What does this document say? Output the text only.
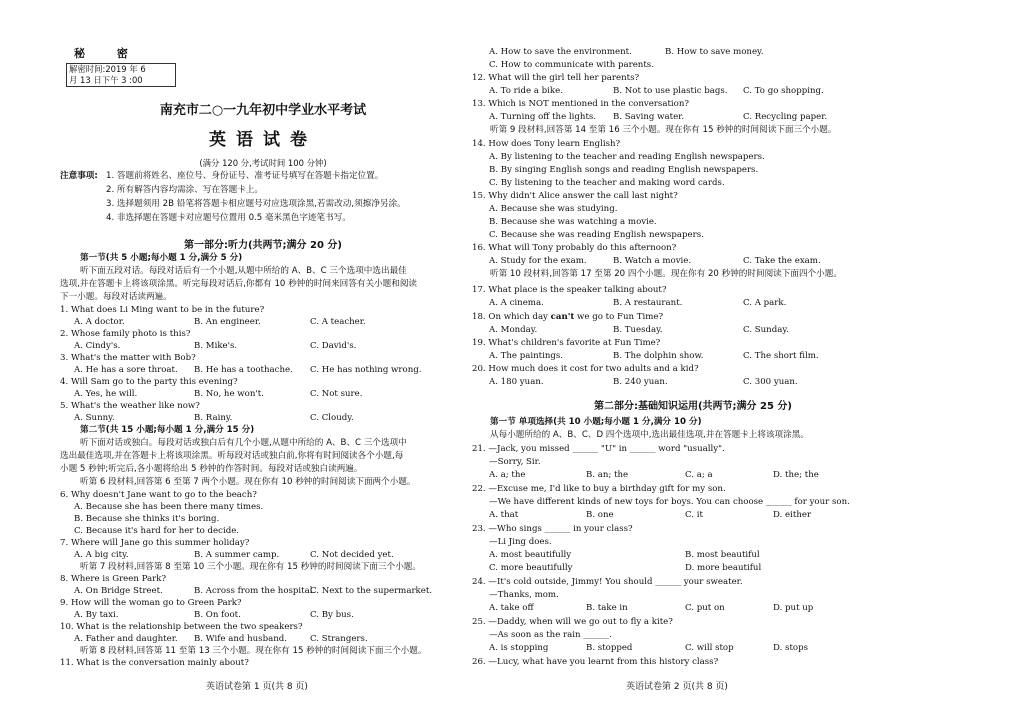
秘 密
解密时间:2019 年 6
月 13 日下午 3 :00
南充市二○一九年初中学业水平考试
英语试卷
(满分 120 分,考试时间 100 分钟)
注意事项: 1. 答题前将姓名、座位号、身份证号、准考证号填写在答题卡指定位置。
2. 所有解答内容均需涂、写在答题卡上。
3. 选择题须用 2B 铅笔将答题卡相应题号对应选项涂黑,若需改动,须擦净另涂。
4. 非选择题在答题卡对应题号位置用 0.5 毫米黑色字迹笔书写。
第一部分:听力(共两节;满分 20 分)
第一节(共 5 小题;每小题 1 分,满分 5 分)
听下面五段对话。每段对话后有一个小题,从题中所给的 A、B、C 三个选项中选出最佳
选项,并在答题卡上将该项涂黑。听完每段对话后,你都有 10 秒钟的时间来回答有关小题和阅读
下一小题。每段对话读两遍。
1. What does Li Ming want to be in the future?
A. A doctor.	B. An engineer.	C. A teacher.
2. Whose family photo is this?
A. Cindy's.	B. Mike's.	C. David's.
3. What's the matter with Bob?
A. He has a sore throat. B. He has a toothache. C. He has nothing wrong.
4. Will Sam go to the party this evening?
A. Yes, he will.	B. No, he won't.	C. Not sure.
5. What's the weather like now?
A. Sunny.	B. Rainy.	C. Cloudy.
第二节(共 15 小题;每小题 1 分,满分 15 分)
听下面对话或独白。每段对话或独白后有几个小题,从题中所给的 A、B、C 三个选项中
选出最佳选项,并在答题卡上将该项涂黑。听每段对话或独白前,你将有时间阅读各个小题,每
小题 5 秒钟;听完后,各小题将给出 5 秒钟的作答时间。每段对话或独白读两遍。
听第 6 段材料,回答第 6 至第 7 两个小题。现在你有 10 秒钟的时间阅读下面两个小题。
6. Why doesn't Jane want to go to the beach?
A. Because she has been there many times.
B. Because she thinks it's boring.
C. Because it's hard for her to decide.
7. Where will Jane go this summer holiday?
A. A big city.	B. A summer camp.	C. Not decided yet.
听第 7 段材料,回答第 8 至第 10 三个小题。现在你有 15 秒钟的时间阅读下面三个小题。
8. Where is Green Park?
A. On Bridge Street.	B. Across from the hospital.
C. Next to the supermarket.
9. How will the woman go to Green Park?
A. By taxi.	B. On foot.	C. By bus.
10. What is the relationship between the two speakers?
A. Father and daughter. B. Wife and husband.	C. Strangers.
听第 8 段材料,回答第 11 至第 13 三个小题。现在你有 15 秒钟的时间阅读下面三个小题。
11. What is the conversation mainly about?
英语试卷第 1 页(共 8 页)
A. How to save the environment.	B. How to save money.
C. How to communicate with parents.
12. What will the girl tell her parents?
A. To ride a bike.	B. Not to use plastic bags. C. To go shopping.
13. Which is NOT mentioned in the conversation?
A. Turning off the lights. B. Saving water.	C. Recycling paper.
听第 9 段材料,回答第 14 至第 16 三个小题。现在你有 15 秒钟的时间阅读下面三个小题。
14. How does Tony learn English?
A. By listening to the teacher and reading English newspapers.
B. By singing English songs and reading English newspapers.
C. By listening to the teacher and making word cards.
15. Why didn't Alice answer the call last night?
A. Because she was studying.
B. Because she was watching a movie.
C. Because she was reading English newspapers.
16. What will Tony probably do this afternoon?
A. Study for the exam.	B. Watch a movie.	C. Take the exam.
听第 10 段材料,回答第 17 至第 20 四个小题。现在你有 20 秒钟的时间阅读下面四个小题。
17. What place is the speaker talking about?
A. A cinema.	B. A restaurant.	C. A park.
18. On which day can't we go to Fun Time?
A. Monday.	B. Tuesday.	C. Sunday.
19. What's children's favorite at Fun Time?
A. The paintings.	B. The dolphin show.	C. The short film.
20. How much does it cost for two adults and a kid?
A. 180 yuan.	B. 240 yuan.	C. 300 yuan.
第二部分:基础知识运用(共两节;满分 25 分)
第一节 单项选择(共 10 小题;每小题 1 分,满分 10 分)
从每小题所给的 A、B、C、D 四个选项中,选出最佳选项,并在答题卡上将该项涂黑。
21. —Jack, you missed ______ "U" in ______ word "usually".
—Sorry, Sir.
A. a; the	B. an; the	C. a; a	D. the; the
22. —Excuse me, I'd like to buy a birthday gift for my son.
—We have different kinds of new toys for boys. You can choose ______ for your son.
A. that	B. one	C. it	D. either
23. —Who sings ______ in your class?
—Li Jing does.
A. most beautifully	B. most beautiful
C. more beautifully	D. more beautiful
24. —It's cold outside, Jimmy! You should ______ your sweater.
—Thanks, mom.
A. take off	B. take in	C. put on	D. put up
25. —Daddy, when will we go out to fly a kite?
—As soon as the rain ______.
A. is stopping	B. stopped	C. will stop	D. stops
26. —Lucy, what have you learnt from this history class?
英语试卷第 2 页(共 8 页)
